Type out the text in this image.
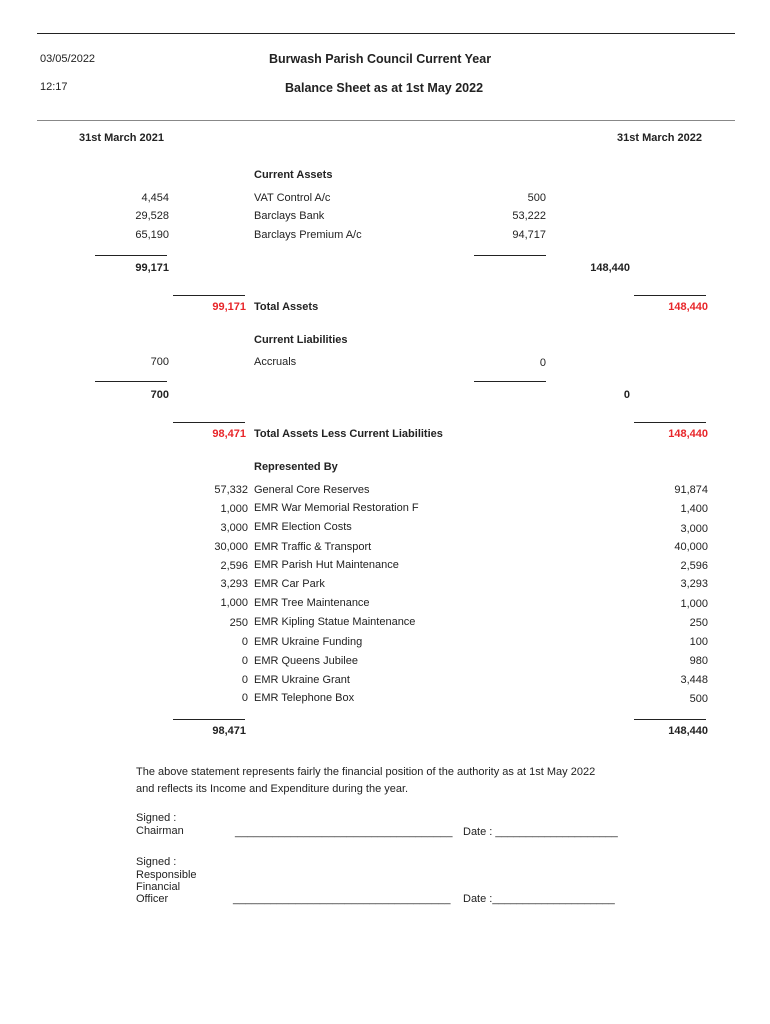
03/05/2022
12:17
Burwash Parish Council Current Year
Balance Sheet as at 1st May 2022
31st March 2021	31st March 2022
Current Assets
4,454	VAT Control A/c	500
29,528	Barclays Bank	53,222
65,190	Barclays Premium A/c	94,717
99,171	148,440
99,171 Total Assets	148,440
Current Liabilities
700	Accruals	0
700	0
98,471 Total Assets Less Current Liabilities	148,440
Represented By
57,332 General Core Reserves	91,874
1,000 EMR War Memorial Restoration F	1,400
3,000 EMR Election Costs	3,000
30,000 EMR Traffic & Transport	40,000
2,596 EMR Parish Hut Maintenance	2,596
3,293 EMR Car Park	3,293
1,000 EMR Tree Maintenance	1,000
250 EMR Kipling Statue Maintenance	250
0 EMR Ukraine Funding	100
0 EMR Queens Jubilee	980
0 EMR Ukraine Grant	3,448
0 EMR Telephone Box	500
98,471	148,440
The above statement represents fairly the financial position of the authority as at 1st May 2022
and reflects its Income and Expenditure during the year.
Signed :
Chairman	___________________________________ Date : ____________________
Signed :
Responsible
Financial
Officer	___________________________________ Date :____________________
